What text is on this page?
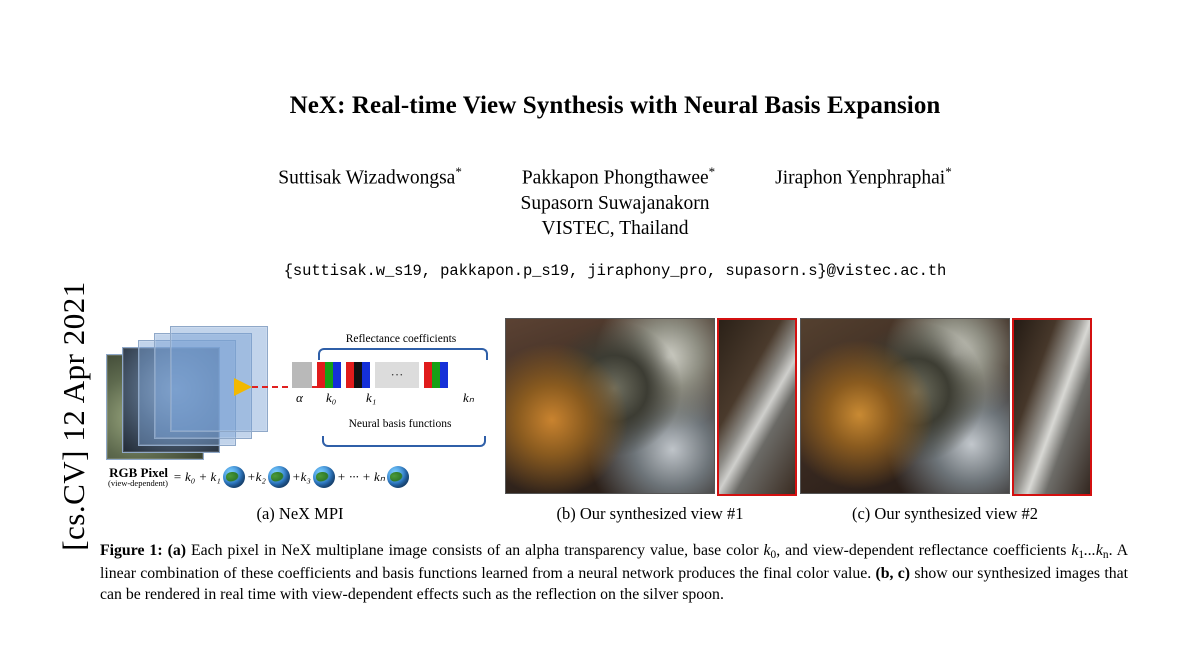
[cs.CV] 12 Apr 2021
NeX: Real-time View Synthesis with Neural Basis Expansion
Suttisak Wizadwongsa*	Pakkapon Phongthawee*	Jiraphon Yenphraphai*
Supasorn Suwajanakorn
VISTEC, Thailand
{suttisak.w_s19, pakkapon.p_s19, jiraphony_pro, supasorn.s}@vistec.ac.th
Reflectance coefficients
···
α k₀ k₁	kₙ
Neural basis functions
RGB Pixel
(view-dependent) = k₀ + k₁ +k₂ +k₃ + ··· + kₙ
(a) NeX MPI	(b) Our synthesized view #1	(c) Our synthesized view #2
Figure 1: (a) Each pixel in NeX multiplane image consists of an alpha transparency value, base color $k_0$, and view-dependent reflectance coefficients $k_1...k_n$. A linear combination of these coefficients and basis functions learned from a neural network produces the final color value. (b, c) show our synthesized images that can be rendered in real time with view-dependent effects such as the reflection on the silver spoon.
